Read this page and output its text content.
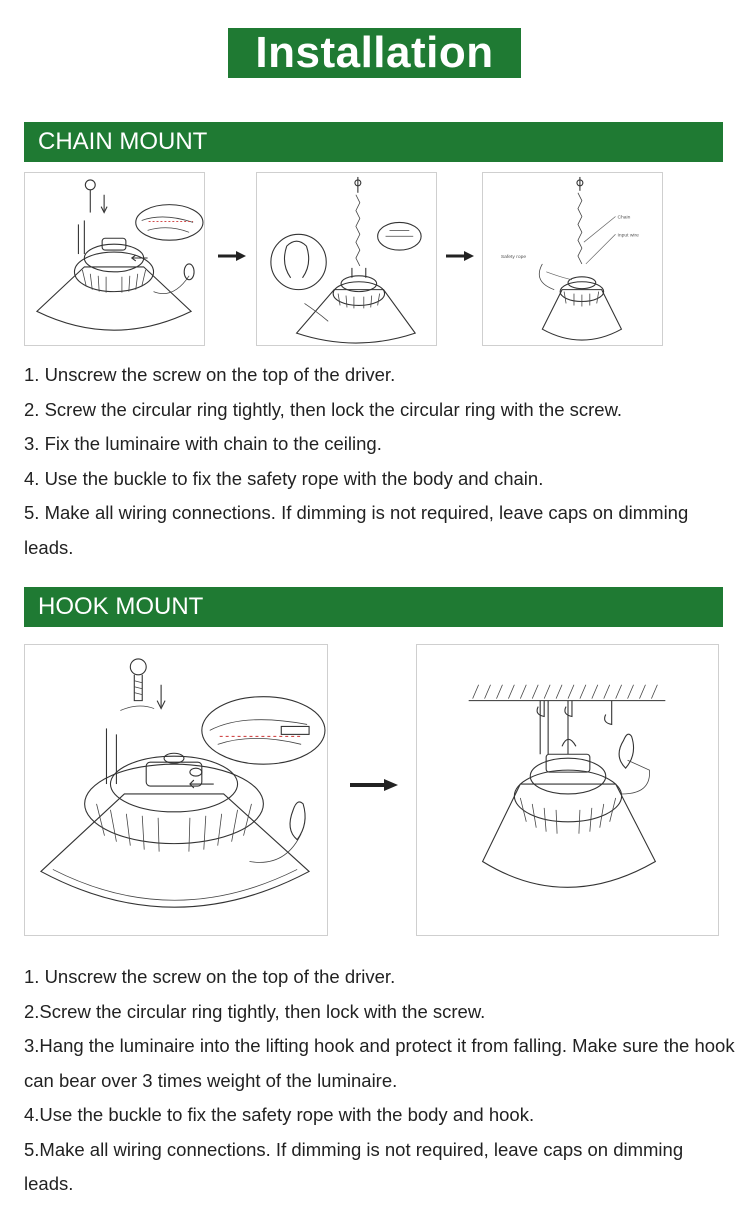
Installation
CHAIN MOUNT
Chain
Input wire
Safety rope

1. Unscrew the screw on the top of the driver.

2. Screw the circular ring tightly, then lock the circular ring with the screw.

3. Fix the luminaire with chain to the ceiling.

4. Use the buckle to fix the safety rope with the body and chain.

5. Make all wiring connections. If dimming is not required, leave caps on dimming leads.

HOOK MOUNT

1. Unscrew the screw on the top of the driver.

2.Screw the circular ring tightly, then lock with the screw.

3.Hang the luminaire into the lifting hook and protect it from falling. Make sure the hook can bear over 3 times weight of the luminaire.

4.Use the buckle to fix the safety rope with the body and hook.

5.Make all wiring connections. If dimming is not required, leave caps on dimming leads.
